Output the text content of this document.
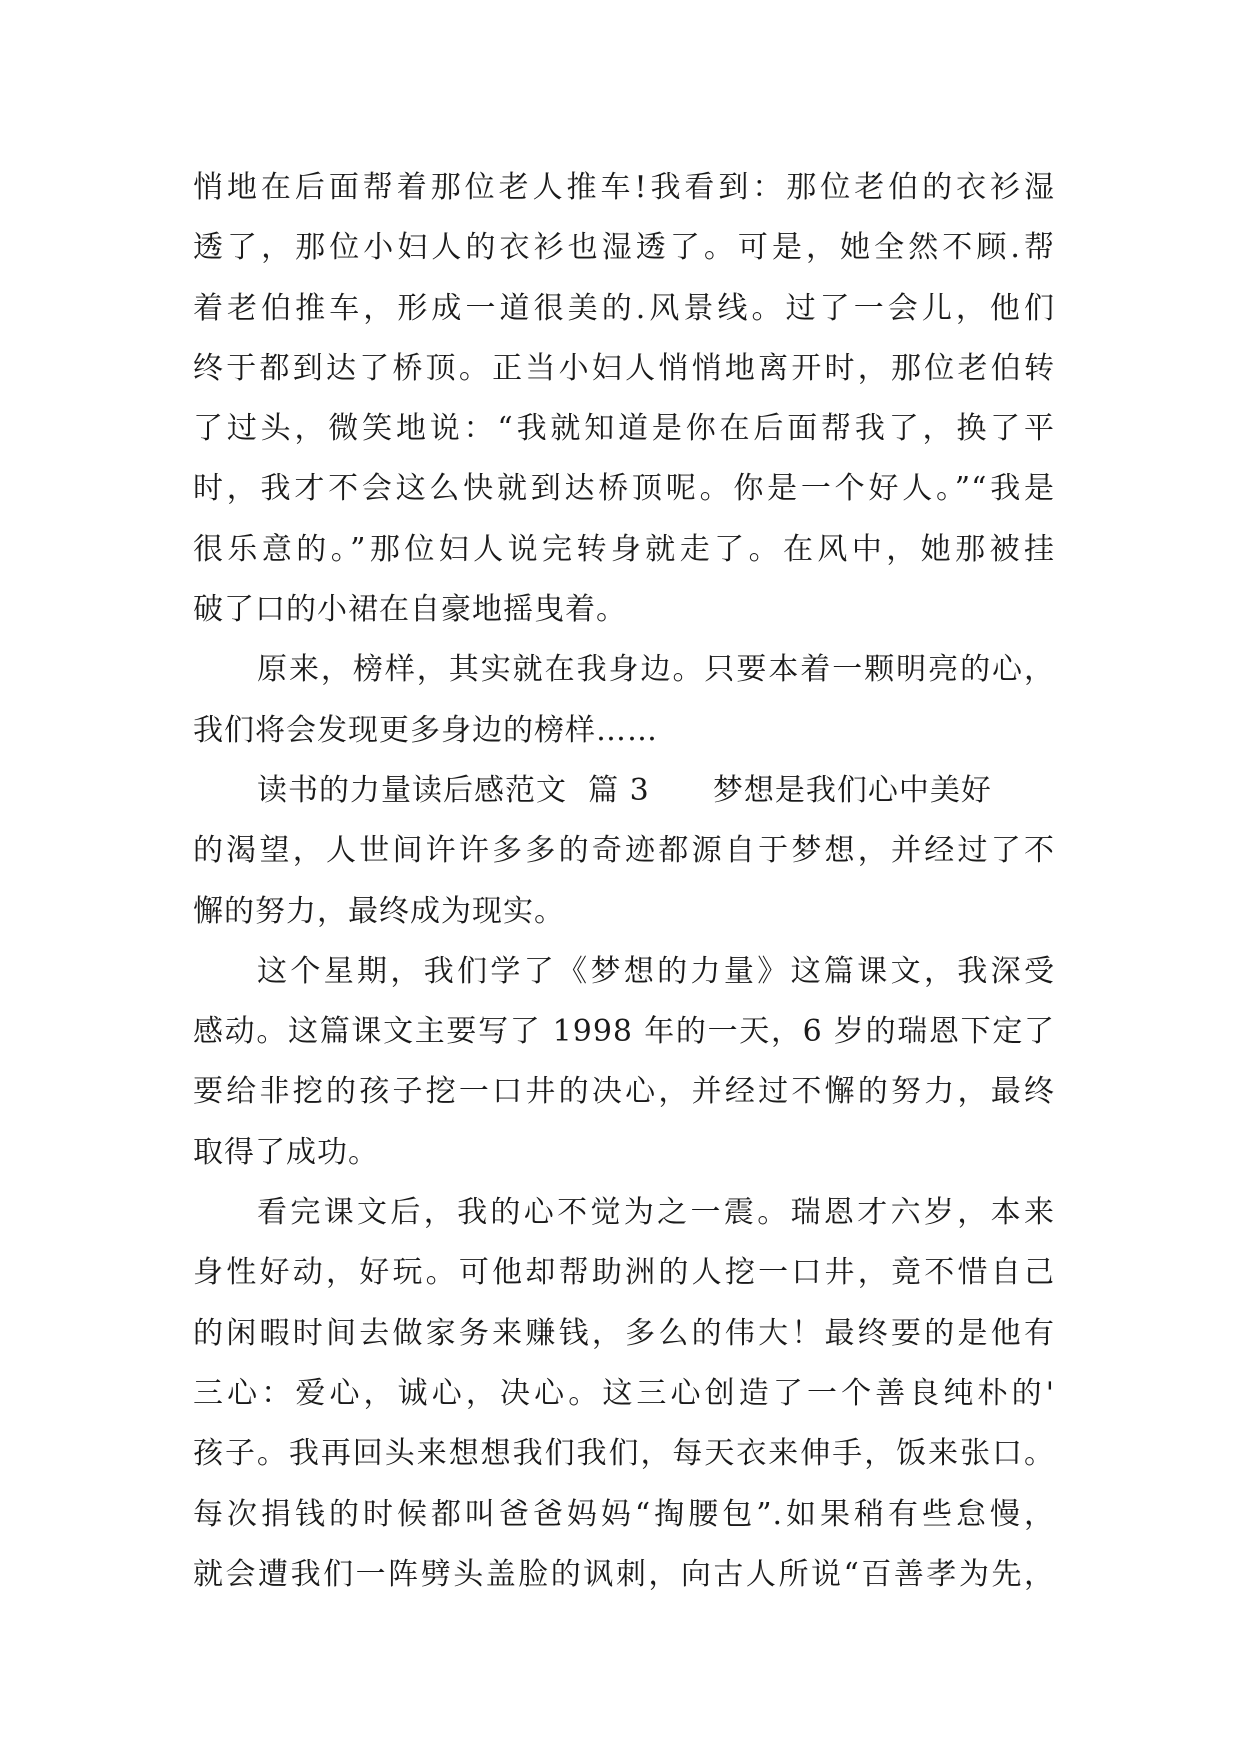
悄地在后面帮着那位老人推车!我看到：那位老伯的衣衫湿
透了，那位小妇人的衣衫也湿透了。可是，她全然不顾.帮
着老伯推车，形成一道很美的.风景线。过了一会儿，他们
终于都到达了桥顶。正当小妇人悄悄地离开时，那位老伯转
了过头，微笑地说：“我就知道是你在后面帮我了，换了平
时，我才不会这么快就到达桥顶呢。你是一个好人。”“我是
很乐意的。”那位妇人说完转身就走了。在风中，她那被挂
破了口的小裙在自豪地摇曳着。
原来，榜样，其实就在我身边。只要本着一颗明亮的心，
我们将会发现更多身边的榜样……
读书的力量读后感范文  篇 3      梦想是我们心中美好
的渴望，人世间许许多多的奇迹都源自于梦想，并经过了不
懈的努力，最终成为现实。
这个星期，我们学了《梦想的力量》这篇课文，我深受
感动。这篇课文主要写了 1998 年的一天，6 岁的瑞恩下定了
要给非挖的孩子挖一口井的决心，并经过不懈的努力，最终
取得了成功。
看完课文后，我的心不觉为之一震。瑞恩才六岁，本来
身性好动，好玩。可他却帮助洲的人挖一口井，竟不惜自己
的闲暇时间去做家务来赚钱，多么的伟大！最终要的是他有
三心：爱心，诚心，决心。这三心创造了一个善良纯朴的'
孩子。我再回头来想想我们我们，每天衣来伸手，饭来张口。
每次捐钱的时候都叫爸爸妈妈“掏腰包”.如果稍有些怠慢，
就会遭我们一阵劈头盖脸的讽刺，向古人所说“百善孝为先，
